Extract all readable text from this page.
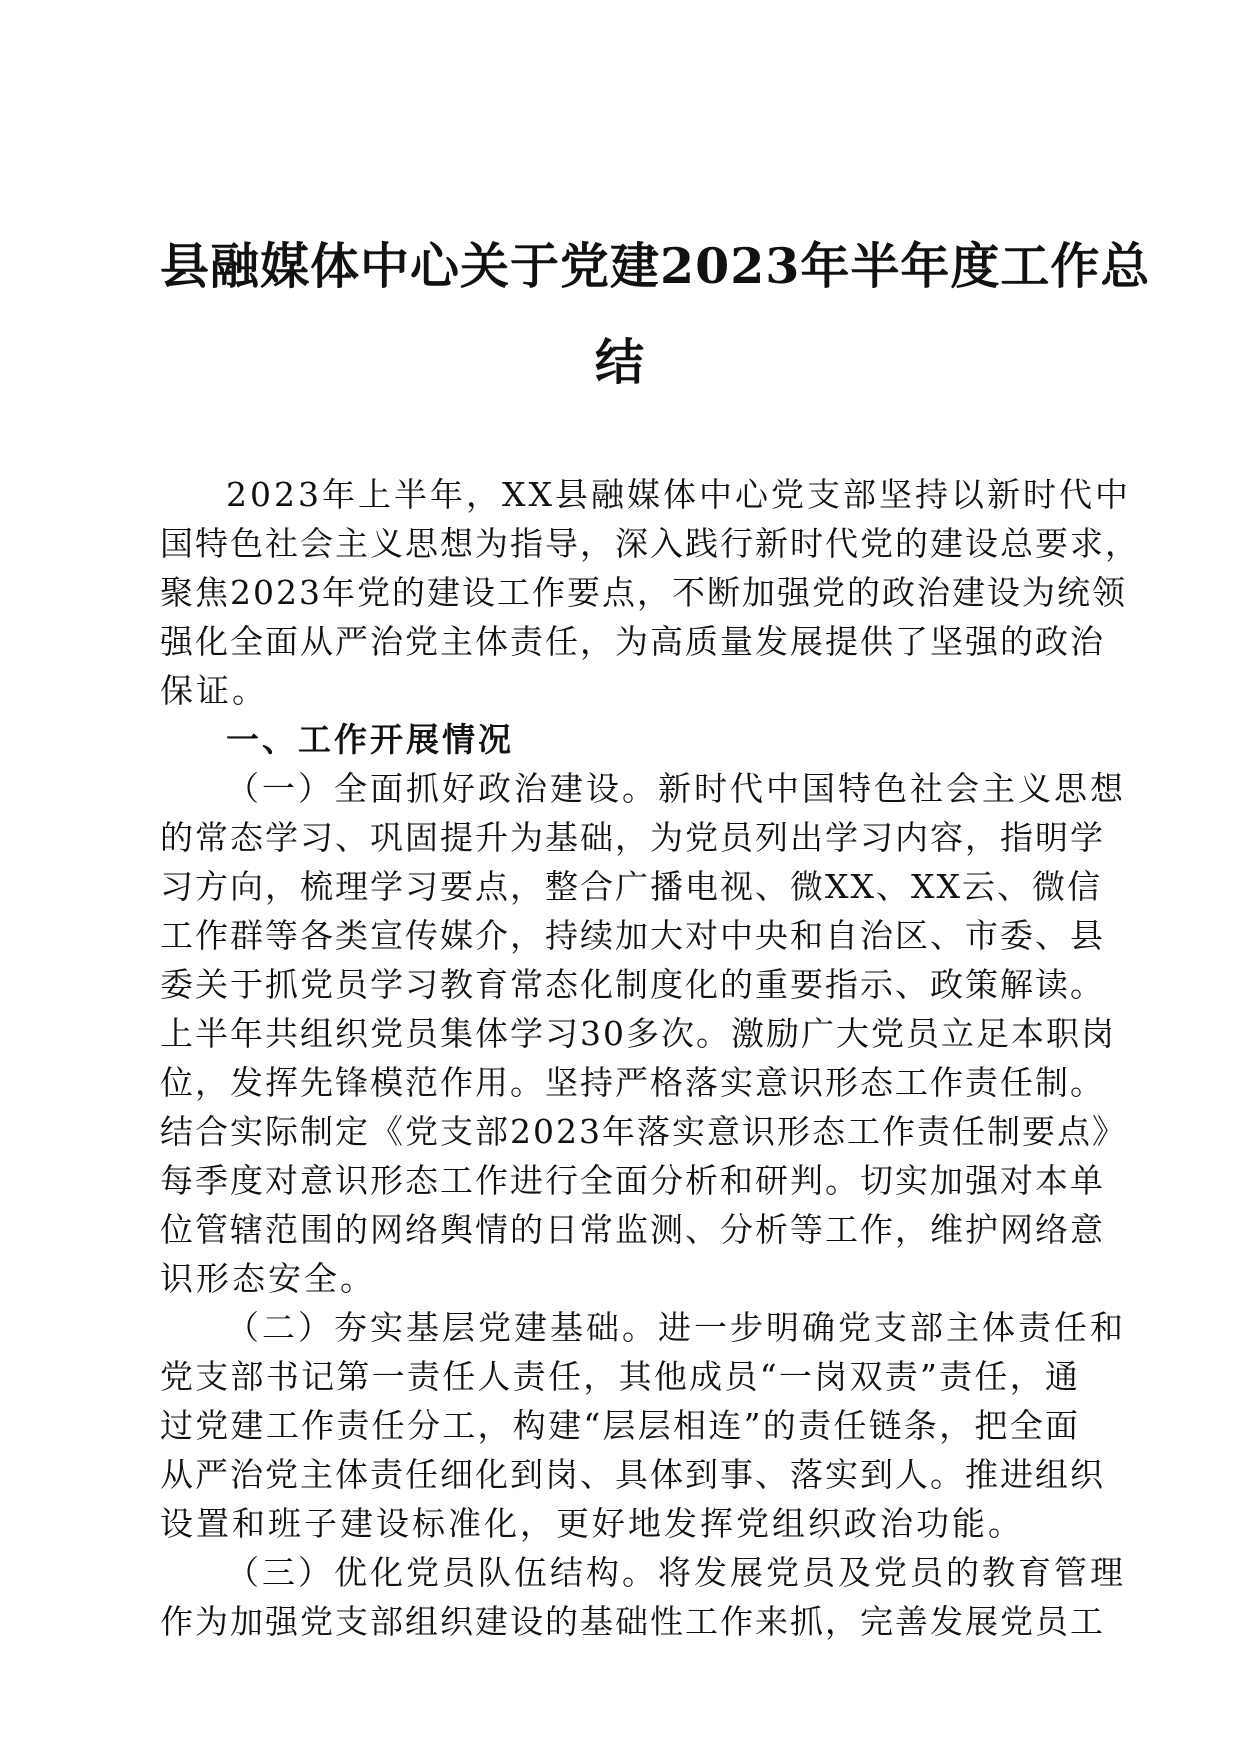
县融媒体中心关于党建2023年半年度工作总
结

2023年上半年，XX县融媒体中心党支部坚持以新时代中
国特色社会主义思想为指导，深入践行新时代党的建设总要求，
聚焦2023年党的建设工作要点，不断加强党的政治建设为统领
强化全面从严治党主体责任，为高质量发展提供了坚强的政治
保证。

一、工作开展情况

（一）全面抓好政治建设。新时代中国特色社会主义思想
的常态学习、巩固提升为基础，为党员列出学习内容，指明学
习方向，梳理学习要点，整合广播电视、微XX、XX云、微信
工作群等各类宣传媒介，持续加大对中央和自治区、市委、县
委关于抓党员学习教育常态化制度化的重要指示、政策解读。
上半年共组织党员集体学习30多次。激励广大党员立足本职岗
位，发挥先锋模范作用。坚持严格落实意识形态工作责任制。
结合实际制定《党支部2023年落实意识形态工作责任制要点》
每季度对意识形态工作进行全面分析和研判。切实加强对本单
位管辖范围的网络舆情的日常监测、分析等工作，维护网络意
识形态安全。

（二）夯实基层党建基础。进一步明确党支部主体责任和
党支部书记第一责任人责任，其他成员“一岗双责”责任，通
过党建工作责任分工，构建“层层相连”的责任链条，把全面
从严治党主体责任细化到岗、具体到事、落实到人。推进组织
设置和班子建设标准化，更好地发挥党组织政治功能。

（三）优化党员队伍结构。将发展党员及党员的教育管理
作为加强党支部组织建设的基础性工作来抓，完善发展党员工
